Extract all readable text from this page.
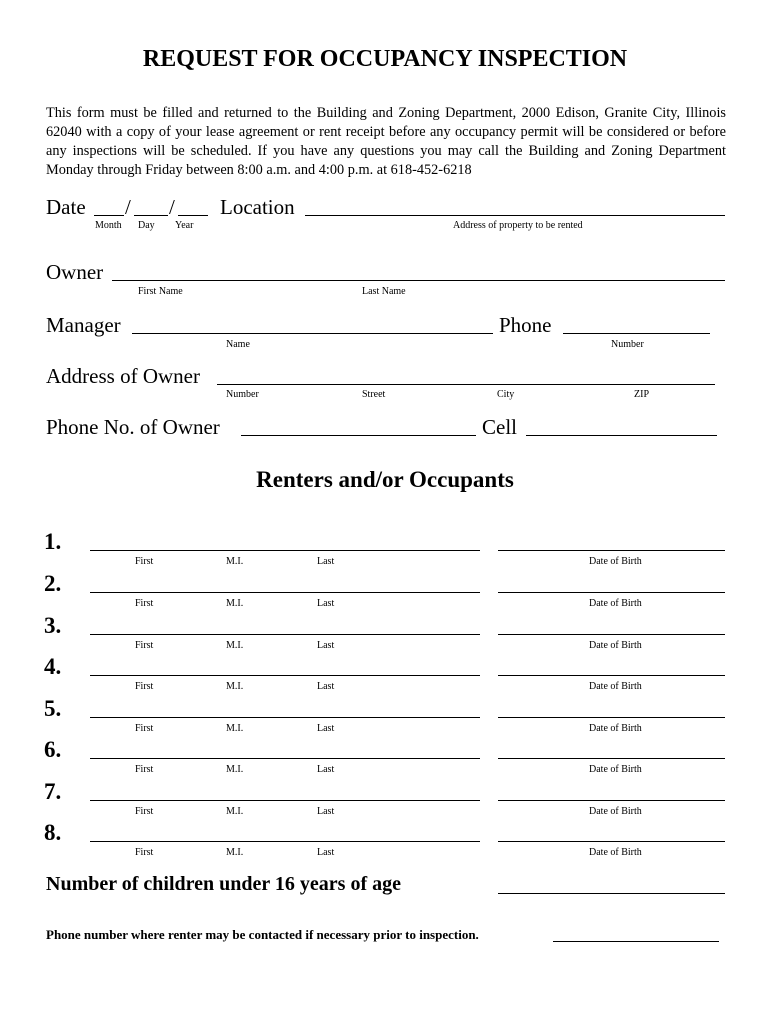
REQUEST FOR OCCUPANCY INSPECTION
This form must be filled and returned to the Building and Zoning Department, 2000 Edison, Granite City, Illinois 62040 with a copy of your lease agreement or rent receipt before any occupancy permit will be considered or before any inspections will be scheduled. If you have any questions you may call the Building and Zoning Department Monday through Friday between 8:00 a.m. and 4:00 p.m. at 618-452-6218
Date / /
Month Day Year
Location
Address of property to be rented
Owner
First Name	Last Name
Manager
Name
Phone
Number
Address of Owner
Number	Street	City	ZIP
Phone No. of Owner	Cell
Renters and/or Occupants
1.
First	M.I.	Last	Date of Birth
2.
First	M.I.	Last	Date of Birth
3.
First	M.I.	Last	Date of Birth
4.
First	M.I.	Last	Date of Birth
5.
First	M.I.	Last	Date of Birth
6.
First	M.I.	Last	Date of Birth
7.
First	M.I.	Last	Date of Birth
8.
First	M.I.	Last	Date of Birth
Number of children under 16 years of age
Phone number where renter may be contacted if necessary prior to inspection.
